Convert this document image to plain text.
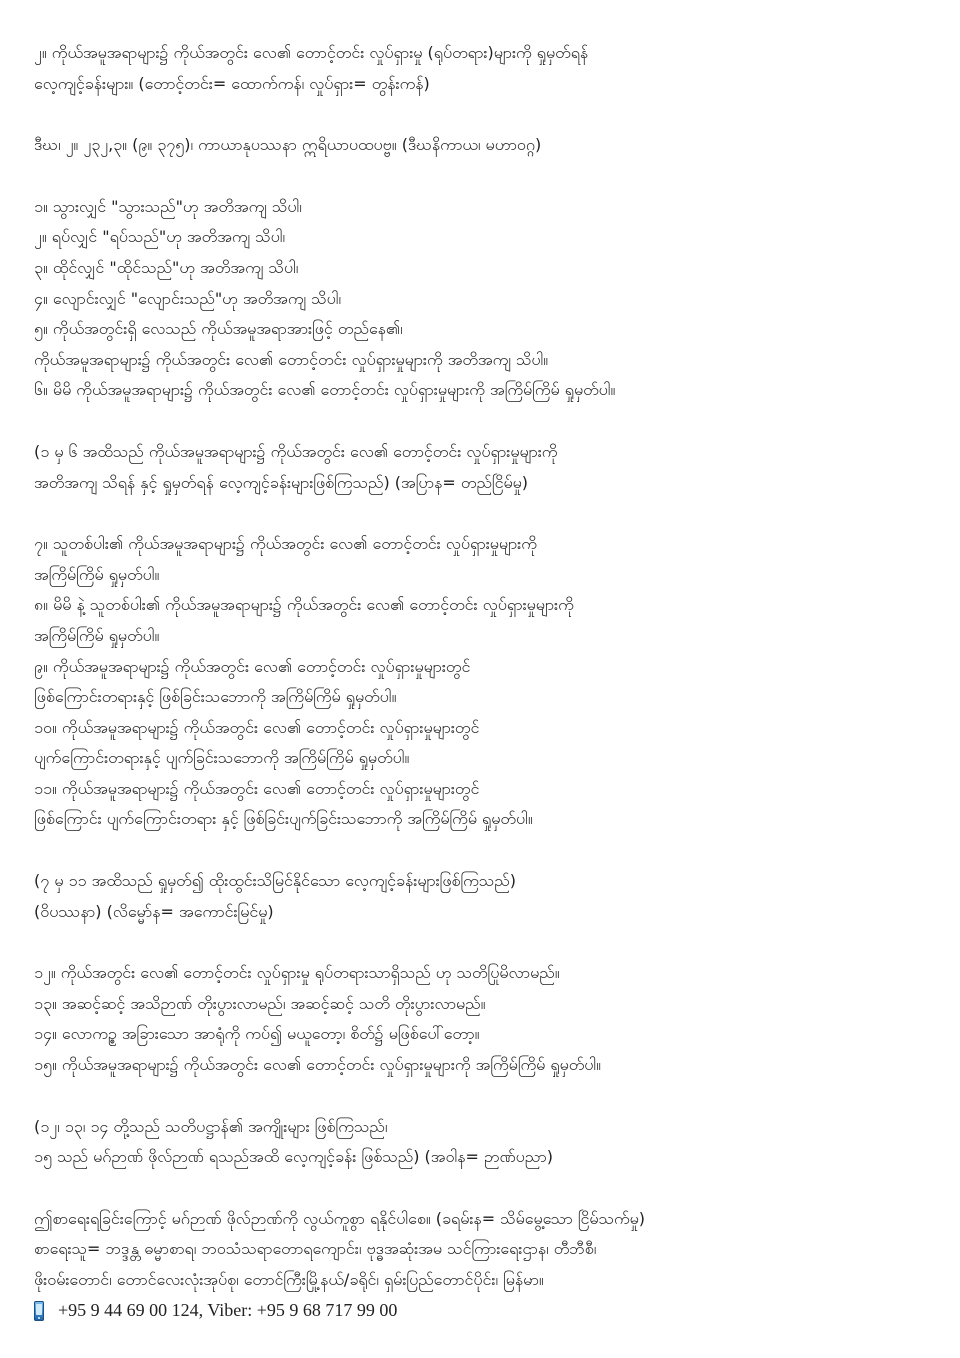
၂။ ကိုယ်အမူအရာများ၌ ကိုယ်အတွင်း လေ၏ တောင့်တင်း လှုပ်ရှားမှု (ရုပ်တရား)များကို ရှုမှတ်ရန်
လေ့ကျင့်ခန်းများ။ (တောင့်တင်း= ထောက်ကန်၊ လှုပ်ရှား= တွန်းကန်)
ဒီဃ၊ ၂။ ၂၃၂,၃။ (၉။ ၃၇၅)၊ ကာယာနုပဿနာ ဣရိယာပထပဗ္ဗ။ (ဒီဃနိကာယ၊ မဟာဝဂ္ဂ)
၁။ သွားလျှင် "သွားသည်"ဟု အတိအကျ သိပါ၊
၂။ ရပ်လျှင် "ရပ်သည်"ဟု အတိအကျ သိပါ၊
၃။ ထိုင်လျှင် "ထိုင်သည်"ဟု အတိအကျ သိပါ၊
၄။ လျောင်းလျှင် "လျောင်းသည်"ဟု အတိအကျ သိပါ၊
၅။ ကိုယ်အတွင်းရှိ လေသည် ကိုယ်အမူအရာအားဖြင့် တည်နေ၏၊
ကိုယ်အမူအရာများ၌ ကိုယ်အတွင်း လေ၏ တောင့်တင်း လှုပ်ရှားမှုများကို အတိအကျ သိပါ။
၆။ မိမိ ကိုယ်အမူအရာများ၌ ကိုယ်အတွင်း လေ၏ တောင့်တင်း လှုပ်ရှားမှုများကို အကြိမ်ကြိမ် ရှုမှတ်ပါ။
(၁ မှ ၆ အထိသည် ကိုယ်အမူအရာများ၌ ကိုယ်အတွင်း လေ၏ တောင့်တင်း လှုပ်ရှားမှုများကို
အတိအကျ သိရန် နှင့် ရှုမှတ်ရန် လေ့ကျင့်ခန်းများဖြစ်ကြသည်) (အပြာန= တည်ငြိမ်မှု)
၇။ သူတစ်ပါး၏ ကိုယ်အမူအရာများ၌ ကိုယ်အတွင်း လေ၏ တောင့်တင်း လှုပ်ရှားမှုများကို
အကြိမ်ကြိမ် ရှုမှတ်ပါ။
၈။ မိမိ နဲ့ သူတစ်ပါး၏ ကိုယ်အမူအရာများ၌ ကိုယ်အတွင်း လေ၏ တောင့်တင်း လှုပ်ရှားမှုများကို
အကြိမ်ကြိမ် ရှုမှတ်ပါ။
၉။ ကိုယ်အမူအရာများ၌ ကိုယ်အတွင်း လေ၏ တောင့်တင်း လှုပ်ရှားမှုများတွင်
ဖြစ်ကြောင်းတရားနှင့် ဖြစ်ခြင်းသဘောကို အကြိမ်ကြိမ် ရှုမှတ်ပါ။
၁၀။ ကိုယ်အမူအရာများ၌ ကိုယ်အတွင်း လေ၏ တောင့်တင်း လှုပ်ရှားမှုများတွင်
ပျက်ကြောင်းတရားနှင့် ပျက်ခြင်းသဘောကို အကြိမ်ကြိမ် ရှုမှတ်ပါ။
၁၁။ ကိုယ်အမူအရာများ၌ ကိုယ်အတွင်း လေ၏ တောင့်တင်း လှုပ်ရှားမှုများတွင်
ဖြစ်ကြောင်း ပျက်ကြောင်းတရား နှင့် ဖြစ်ခြင်းပျက်ခြင်းသဘောကို အကြိမ်ကြိမ် ရှုမှတ်ပါ။
(၇ မှ ၁၁ အထိသည် ရှုမှတ်၍ ထိုးထွင်းသိမြင်နိုင်သော လေ့ကျင့်ခန်းများဖြစ်ကြသည်)
(ဝိပဿနာ) (လိမ္မော်န= အကောင်းမြင်မှု)
၁၂။ ကိုယ်အတွင်း လေ၏ တောင့်တင်း လှုပ်ရှားမှု ရုပ်တရားသာရှိသည် ဟု သတိပြုမိလာမည်။
၁၃။ အဆင့်ဆင့် အသိဉာဏ် တိုးပွားလာမည်၊ အဆင့်ဆင့် သတိ တိုးပွားလာမည်။
၁၄။ လောကဥ္စ အခြားသော အာရုံကို ကပ်၍ မယူတော့၊ စိတ်၌ မဖြစ်ပေါ်တော့။
၁၅။ ကိုယ်အမူအရာများ၌ ကိုယ်အတွင်း လေ၏ တောင့်တင်း လှုပ်ရှားမှုများကို အကြိမ်ကြိမ် ရှုမှတ်ပါ။
(၁၂၊ ၁၃၊ ၁၄ တို့သည် သတိပဋ္ဌာန်၏ အကျိုးများ ဖြစ်ကြသည်၊
၁၅ သည် မဂ်ဉာဏ် ဖိုလ်ဉာဏ် ရသည်အထိ လေ့ကျင့်ခန်း ဖြစ်သည်) (အဝါန= ဉာဏ်ပညာ)
ဤစာရေးရခြင်းကြောင့် မဂ်ဉာဏ် ဖိုလ်ဉာဏ်ကို လွယ်ကူစွာ ရနိုင်ပါစေ။ (ခရမ်းန= သိမ်မွေ့သော ငြိမ်သက်မှု)
စာရေးသူ= ဘဒ္ဒန္တ ဓမ္မာစာရ၊ ဘဝသံသရာတောရကျောင်း၊ ဗုဒ္ဓအဆုံးအမ သင်ကြားရေးဌာန၊ တီဘီစီ၊
ဖိုးဝမ်းတောင်၊ တောင်လေးလုံးအုပ်စု၊ တောင်ကြီးမြို့နယ်/ခရိုင်၊ ရှမ်းပြည်တောင်ပိုင်း၊ မြန်မာ။
+95 9 44 69 00 124, Viber: +95 9 68 717 99 00
